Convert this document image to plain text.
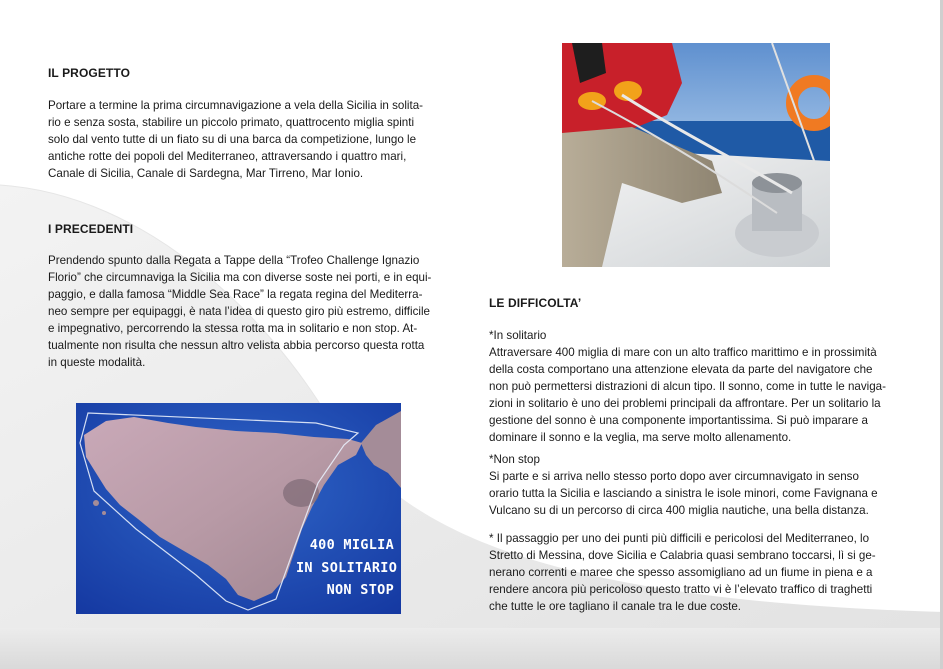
IL PROGETTO
Portare a termine la prima circumnavigazione a vela della Sicilia in solita-
rio e senza sosta, stabilire un piccolo primato, quattrocento miglia spinti
solo dal vento tutte di un fiato su di una barca da competizione, lungo le
antiche rotte dei popoli del Mediterraneo, attraversando i quattro mari,
Canale di Sicilia, Canale di Sardegna, Mar Tirreno, Mar Ionio.
I PRECEDENTI
Prendendo spunto dalla Regata a Tappe della “Trofeo Challenge Ignazio
Florio” che circumnaviga la Sicilia ma con diverse soste nei porti, e in equi-
paggio, e dalla famosa “Middle Sea Race” la regata regina del Mediterra-
neo sempre per equipaggi, è nata l’idea di questo giro più estremo, difficile
e impegnativo, percorrendo la stessa rotta ma in solitario e non stop. At-
tualmente non risulta che nessun altro velista abbia percorso questa rotta
in queste modalità.
400 MIGLIA
IN SOLITARIO
NON STOP
LE DIFFICOLTA’
*In solitario
Attraversare 400 miglia di mare con un alto traffico marittimo e in prossimità
della costa comportano una attenzione elevata da parte del navigatore che
non può permettersi distrazioni di alcun tipo. Il sonno, come in tutte le naviga-
zioni in solitario è uno dei problemi principali da affrontare. Per un solitario la
gestione del sonno è una componente importantissima. Si può imparare a
dominare il sonno e la veglia, ma serve molto allenamento.
*Non stop
Si parte e si arriva nello stesso porto dopo aver circumnavigato in senso
orario tutta la Sicilia e lasciando a sinistra le isole minori, come Favignana e
Vulcano su di un percorso di circa 400 miglia nautiche, una bella distanza.
* Il passaggio per uno dei punti più difficili e pericolosi del Mediterraneo, lo
Stretto di Messina, dove Sicilia e Calabria quasi sembrano toccarsi, lì si ge-
nerano correnti e maree che spesso assomigliano ad un fiume in piena e a
rendere ancora più pericoloso questo tratto vi è l’elevato traffico di traghetti
che tutte le ore tagliano il canale tra le due coste.
